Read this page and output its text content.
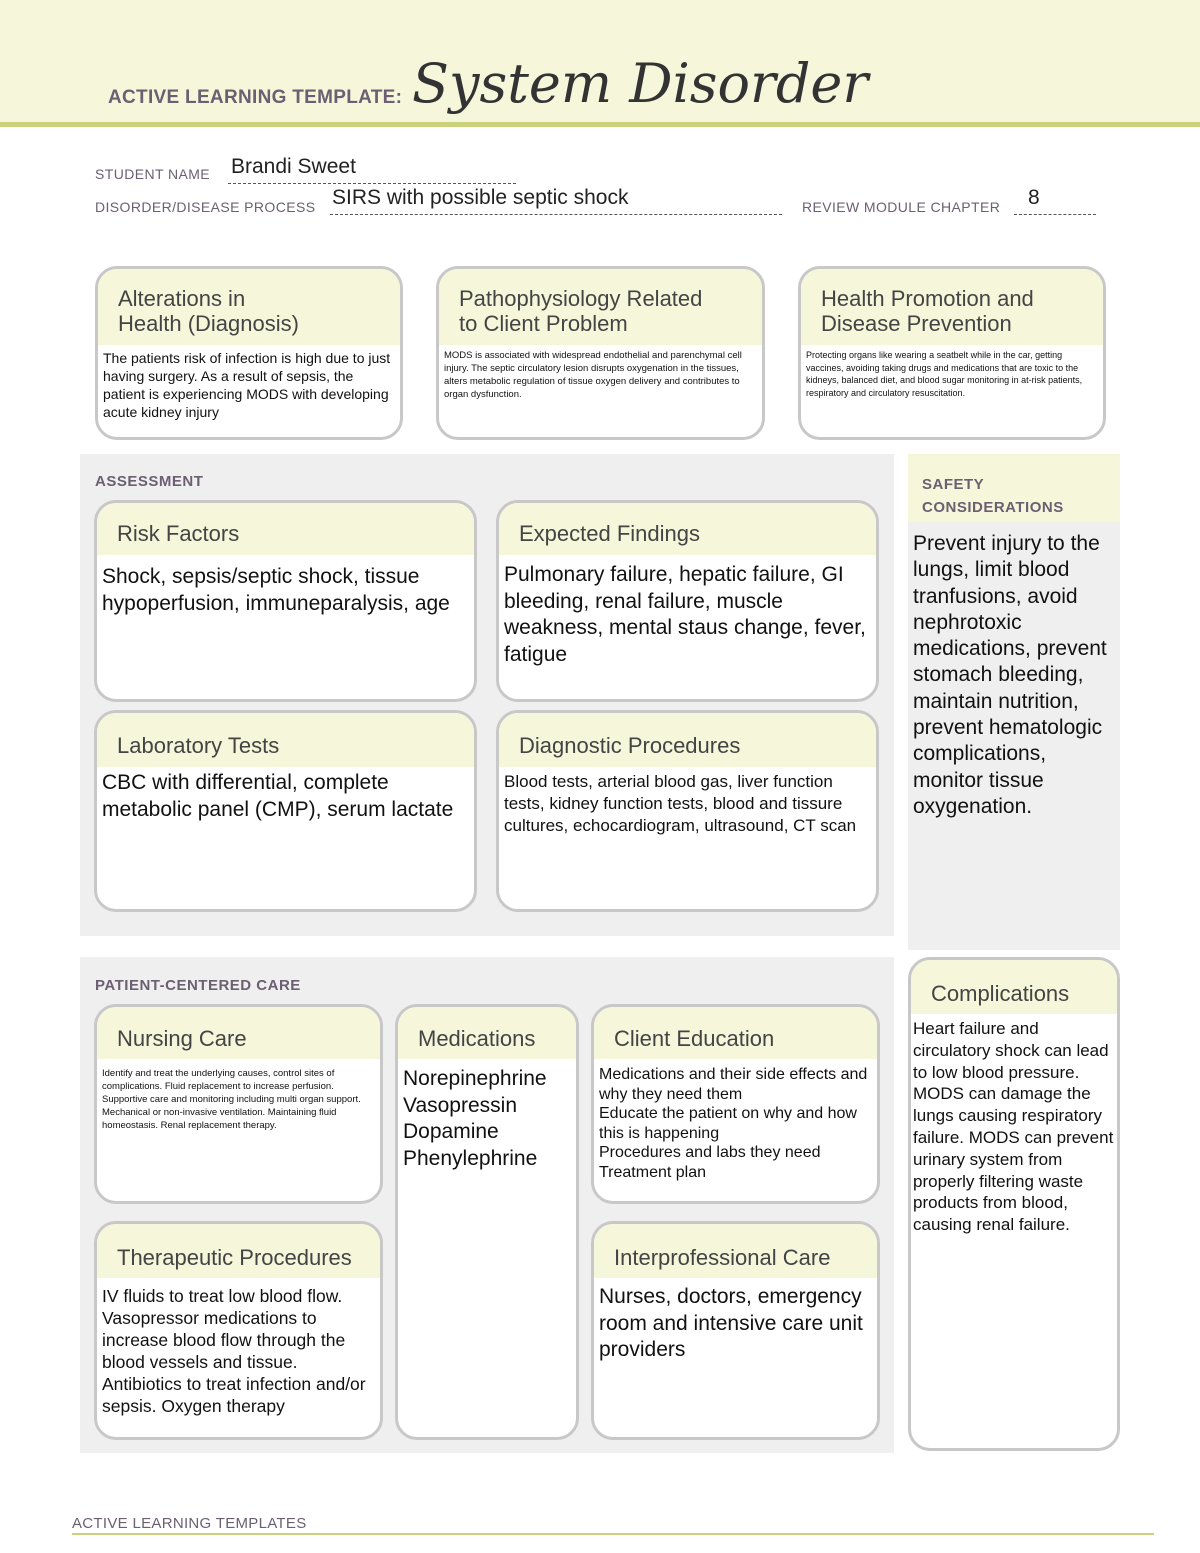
ACTIVE LEARNING TEMPLATE: System Disorder
STUDENT NAME Brandi Sweet
DISORDER/DISEASE PROCESS SIRS with possible septic shock	REVIEW MODULE CHAPTER 8
Alterations in
Health (Diagnosis)
The patients risk of infection is high due to just having surgery. As a result of sepsis, the patient is experiencing MODS with developing acute kidney injury
Pathophysiology Related
to Client Problem
MODS is associated with widespread endothelial and parenchymal cell injury. The septic circulatory lesion disrupts oxygenation in the tissues, alters metabolic regulation of tissue oxygen delivery and contributes to organ dysfunction.
Health Promotion and
Disease Prevention
Protecting organs like wearing a seatbelt while in the car, getting vaccines, avoiding taking drugs and medications that are toxic to the kidneys, balanced diet, and blood sugar monitoring in at-risk patients, respiratory and circulatory resuscitation.
ASSESSMENT
Risk Factors
Shock, sepsis/septic shock, tissue hypoperfusion, immuneparalysis, age
Expected Findings
Pulmonary failure, hepatic failure, GI bleeding, renal failure, muscle weakness, mental staus change, fever, fatigue
Laboratory Tests
CBC with differential, complete metabolic panel (CMP), serum lactate
Diagnostic Procedures
Blood tests, arterial blood gas, liver function tests, kidney function tests, blood and tissure cultures, echocardiogram, ultrasound, CT scan
SAFETY
CONSIDERATIONS
Prevent injury to the lungs, limit blood tranfusions, avoid nephrotoxic medications, prevent stomach bleeding, maintain nutrition, prevent hematologic complications, monitor tissue oxygenation.
PATIENT-CENTERED CARE
Nursing Care
Identify and treat the underlying causes, control sites of complications. Fluid replacement to increase perfusion. Supportive care and monitoring including multi organ support. Mechanical or non-invasive ventilation. Maintaining fluid homeostasis. Renal replacement therapy.
Medications
Norepinephrine
Vasopressin
Dopamine
Phenylephrine
Client Education
Medications and their side effects and why they need them
Educate the patient on why and how this is happening
Procedures and labs they need
Treatment plan
Therapeutic Procedures
IV fluids to treat low blood flow. Vasopressor medications to increase blood flow through the blood vessels and tissue. Antibiotics to treat infection and/or sepsis. Oxygen therapy
Interprofessional Care
Nurses, doctors, emergency room and intensive care unit providers
Complications
Heart failure and circulatory shock can lead to low blood pressure. MODS can damage the lungs causing respiratory failure. MODS can prevent urinary system from properly filtering waste products from blood, causing renal failure.
ACTIVE LEARNING TEMPLATES
